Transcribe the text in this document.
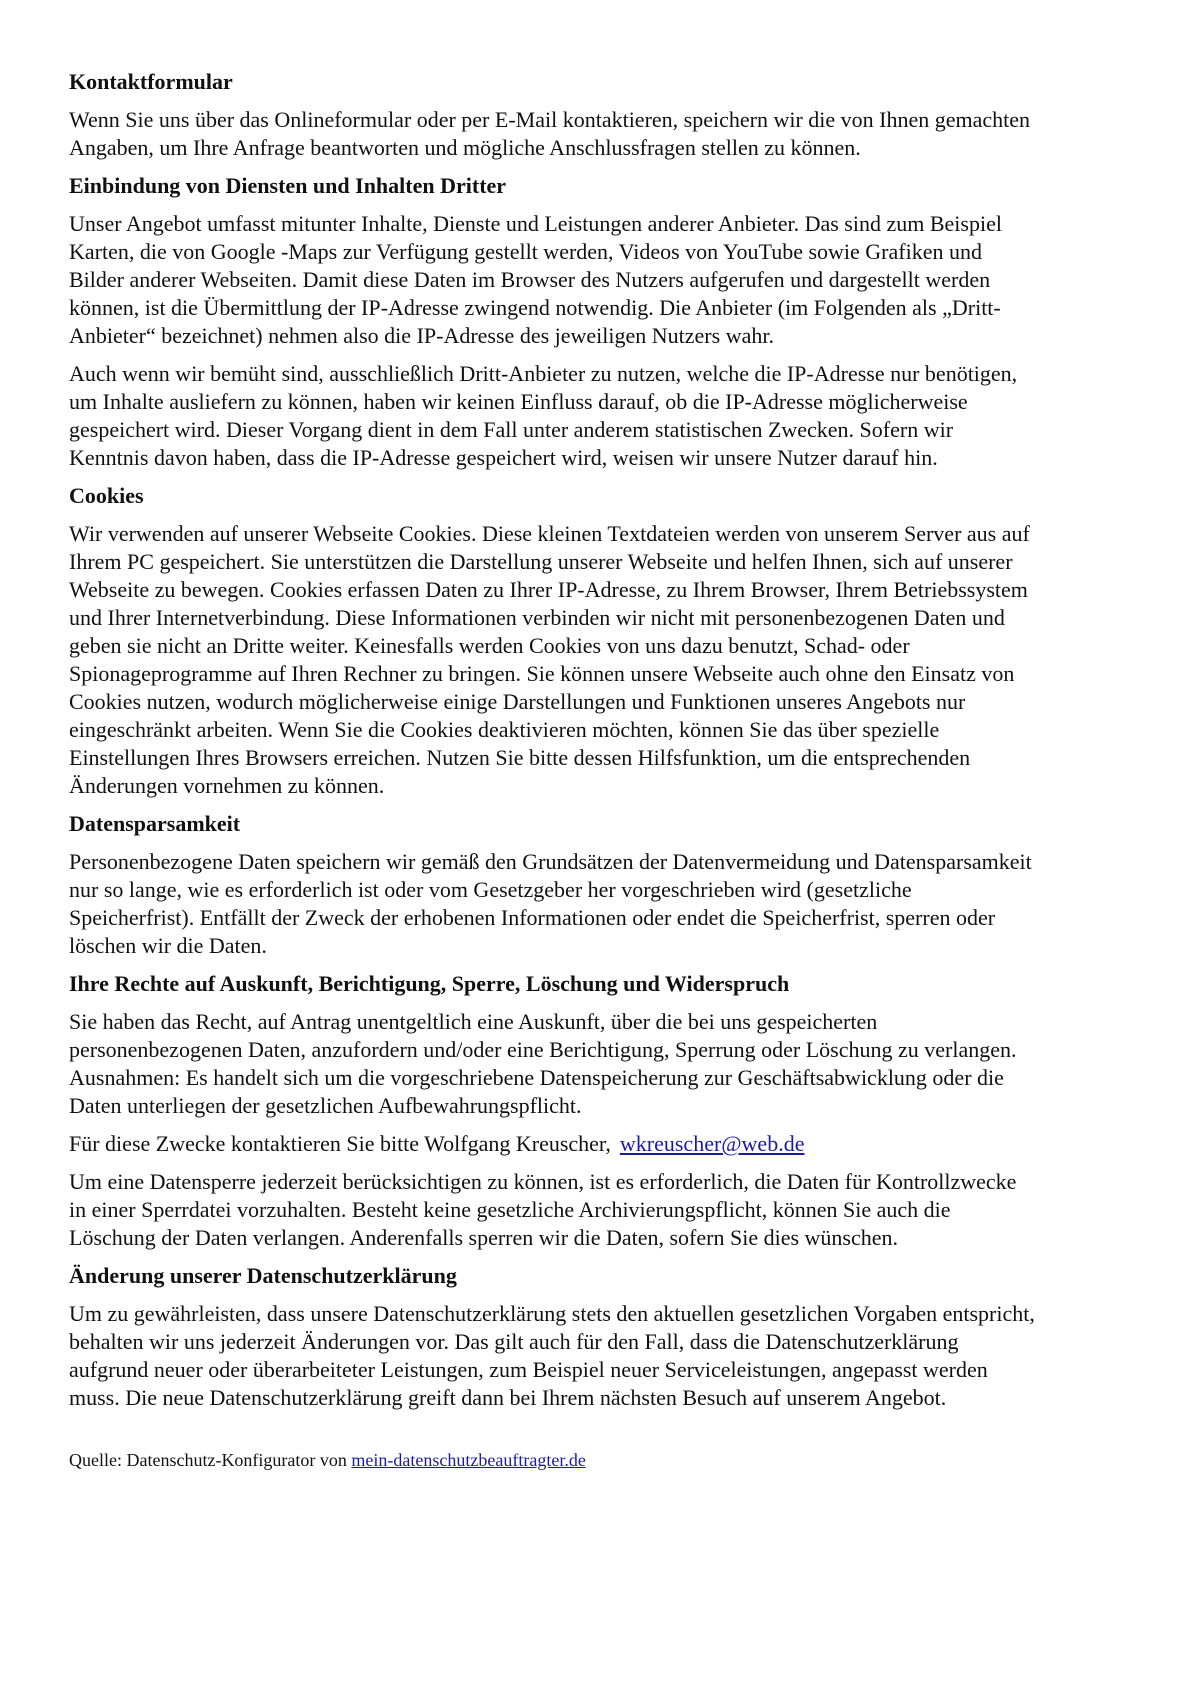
Kontaktformular

Wenn Sie uns über das Onlineformular oder per E-Mail kontaktieren, speichern wir die von Ihnen gemachten
Angaben, um Ihre Anfrage beantworten und mögliche Anschlussfragen stellen zu können.

Einbindung von Diensten und Inhalten Dritter

Unser Angebot umfasst mitunter Inhalte, Dienste und Leistungen anderer Anbieter. Das sind zum Beispiel
Karten, die von Google -Maps zur Verfügung gestellt werden, Videos von YouTube sowie Grafiken und
Bilder anderer Webseiten. Damit diese Daten im Browser des Nutzers aufgerufen und dargestellt werden
können, ist die Übermittlung der IP-Adresse zwingend notwendig. Die Anbieter (im Folgenden als „Dritt-
Anbieter“ bezeichnet) nehmen also die IP-Adresse des jeweiligen Nutzers wahr.

Auch wenn wir bemüht sind, ausschließlich Dritt-Anbieter zu nutzen, welche die IP-Adresse nur benötigen,
um Inhalte ausliefern zu können, haben wir keinen Einfluss darauf, ob die IP-Adresse möglicherweise
gespeichert wird. Dieser Vorgang dient in dem Fall unter anderem statistischen Zwecken. Sofern wir
Kenntnis davon haben, dass die IP-Adresse gespeichert wird, weisen wir unsere Nutzer darauf hin.

Cookies

Wir verwenden auf unserer Webseite Cookies. Diese kleinen Textdateien werden von unserem Server aus auf
Ihrem PC gespeichert. Sie unterstützen die Darstellung unserer Webseite und helfen Ihnen, sich auf unserer
Webseite zu bewegen. Cookies erfassen Daten zu Ihrer IP-Adresse, zu Ihrem Browser, Ihrem Betriebssystem
und Ihrer Internetverbindung. Diese Informationen verbinden wir nicht mit personenbezogenen Daten und
geben sie nicht an Dritte weiter. Keinesfalls werden Cookies von uns dazu benutzt, Schad- oder
Spionageprogramme auf Ihren Rechner zu bringen. Sie können unsere Webseite auch ohne den Einsatz von
Cookies nutzen, wodurch möglicherweise einige Darstellungen und Funktionen unseres Angebots nur
eingeschränkt arbeiten. Wenn Sie die Cookies deaktivieren möchten, können Sie das über spezielle
Einstellungen Ihres Browsers erreichen. Nutzen Sie bitte dessen Hilfsfunktion, um die entsprechenden
Änderungen vornehmen zu können.

Datensparsamkeit

Personenbezogene Daten speichern wir gemäß den Grundsätzen der Datenvermeidung und Datensparsamkeit
nur so lange, wie es erforderlich ist oder vom Gesetzgeber her vorgeschrieben wird (gesetzliche
Speicherfrist). Entfällt der Zweck der erhobenen Informationen oder endet die Speicherfrist, sperren oder
löschen wir die Daten.

Ihre Rechte auf Auskunft, Berichtigung, Sperre, Löschung und Widerspruch

Sie haben das Recht, auf Antrag unentgeltlich eine Auskunft, über die bei uns gespeicherten
personenbezogenen Daten, anzufordern und/oder eine Berichtigung, Sperrung oder Löschung zu verlangen.
Ausnahmen: Es handelt sich um die vorgeschriebene Datenspeicherung zur Geschäftsabwicklung oder die
Daten unterliegen der gesetzlichen Aufbewahrungspflicht.

Für diese Zwecke kontaktieren Sie bitte Wolfgang Kreuscher, wkreuscher@web.de

Um eine Datensperre jederzeit berücksichtigen zu können, ist es erforderlich, die Daten für Kontrollzwecke
in einer Sperrdatei vorzuhalten. Besteht keine gesetzliche Archivierungspflicht, können Sie auch die
Löschung der Daten verlangen. Anderenfalls sperren wir die Daten, sofern Sie dies wünschen.

Änderung unserer Datenschutzerklärung

Um zu gewährleisten, dass unsere Datenschutzerklärung stets den aktuellen gesetzlichen Vorgaben entspricht,
behalten wir uns jederzeit Änderungen vor. Das gilt auch für den Fall, dass die Datenschutzerklärung
aufgrund neuer oder überarbeiteter Leistungen, zum Beispiel neuer Serviceleistungen, angepasst werden
muss. Die neue Datenschutzerklärung greift dann bei Ihrem nächsten Besuch auf unserem Angebot.

Quelle: Datenschutz-Konfigurator von mein-datenschutzbeauftragter.de
